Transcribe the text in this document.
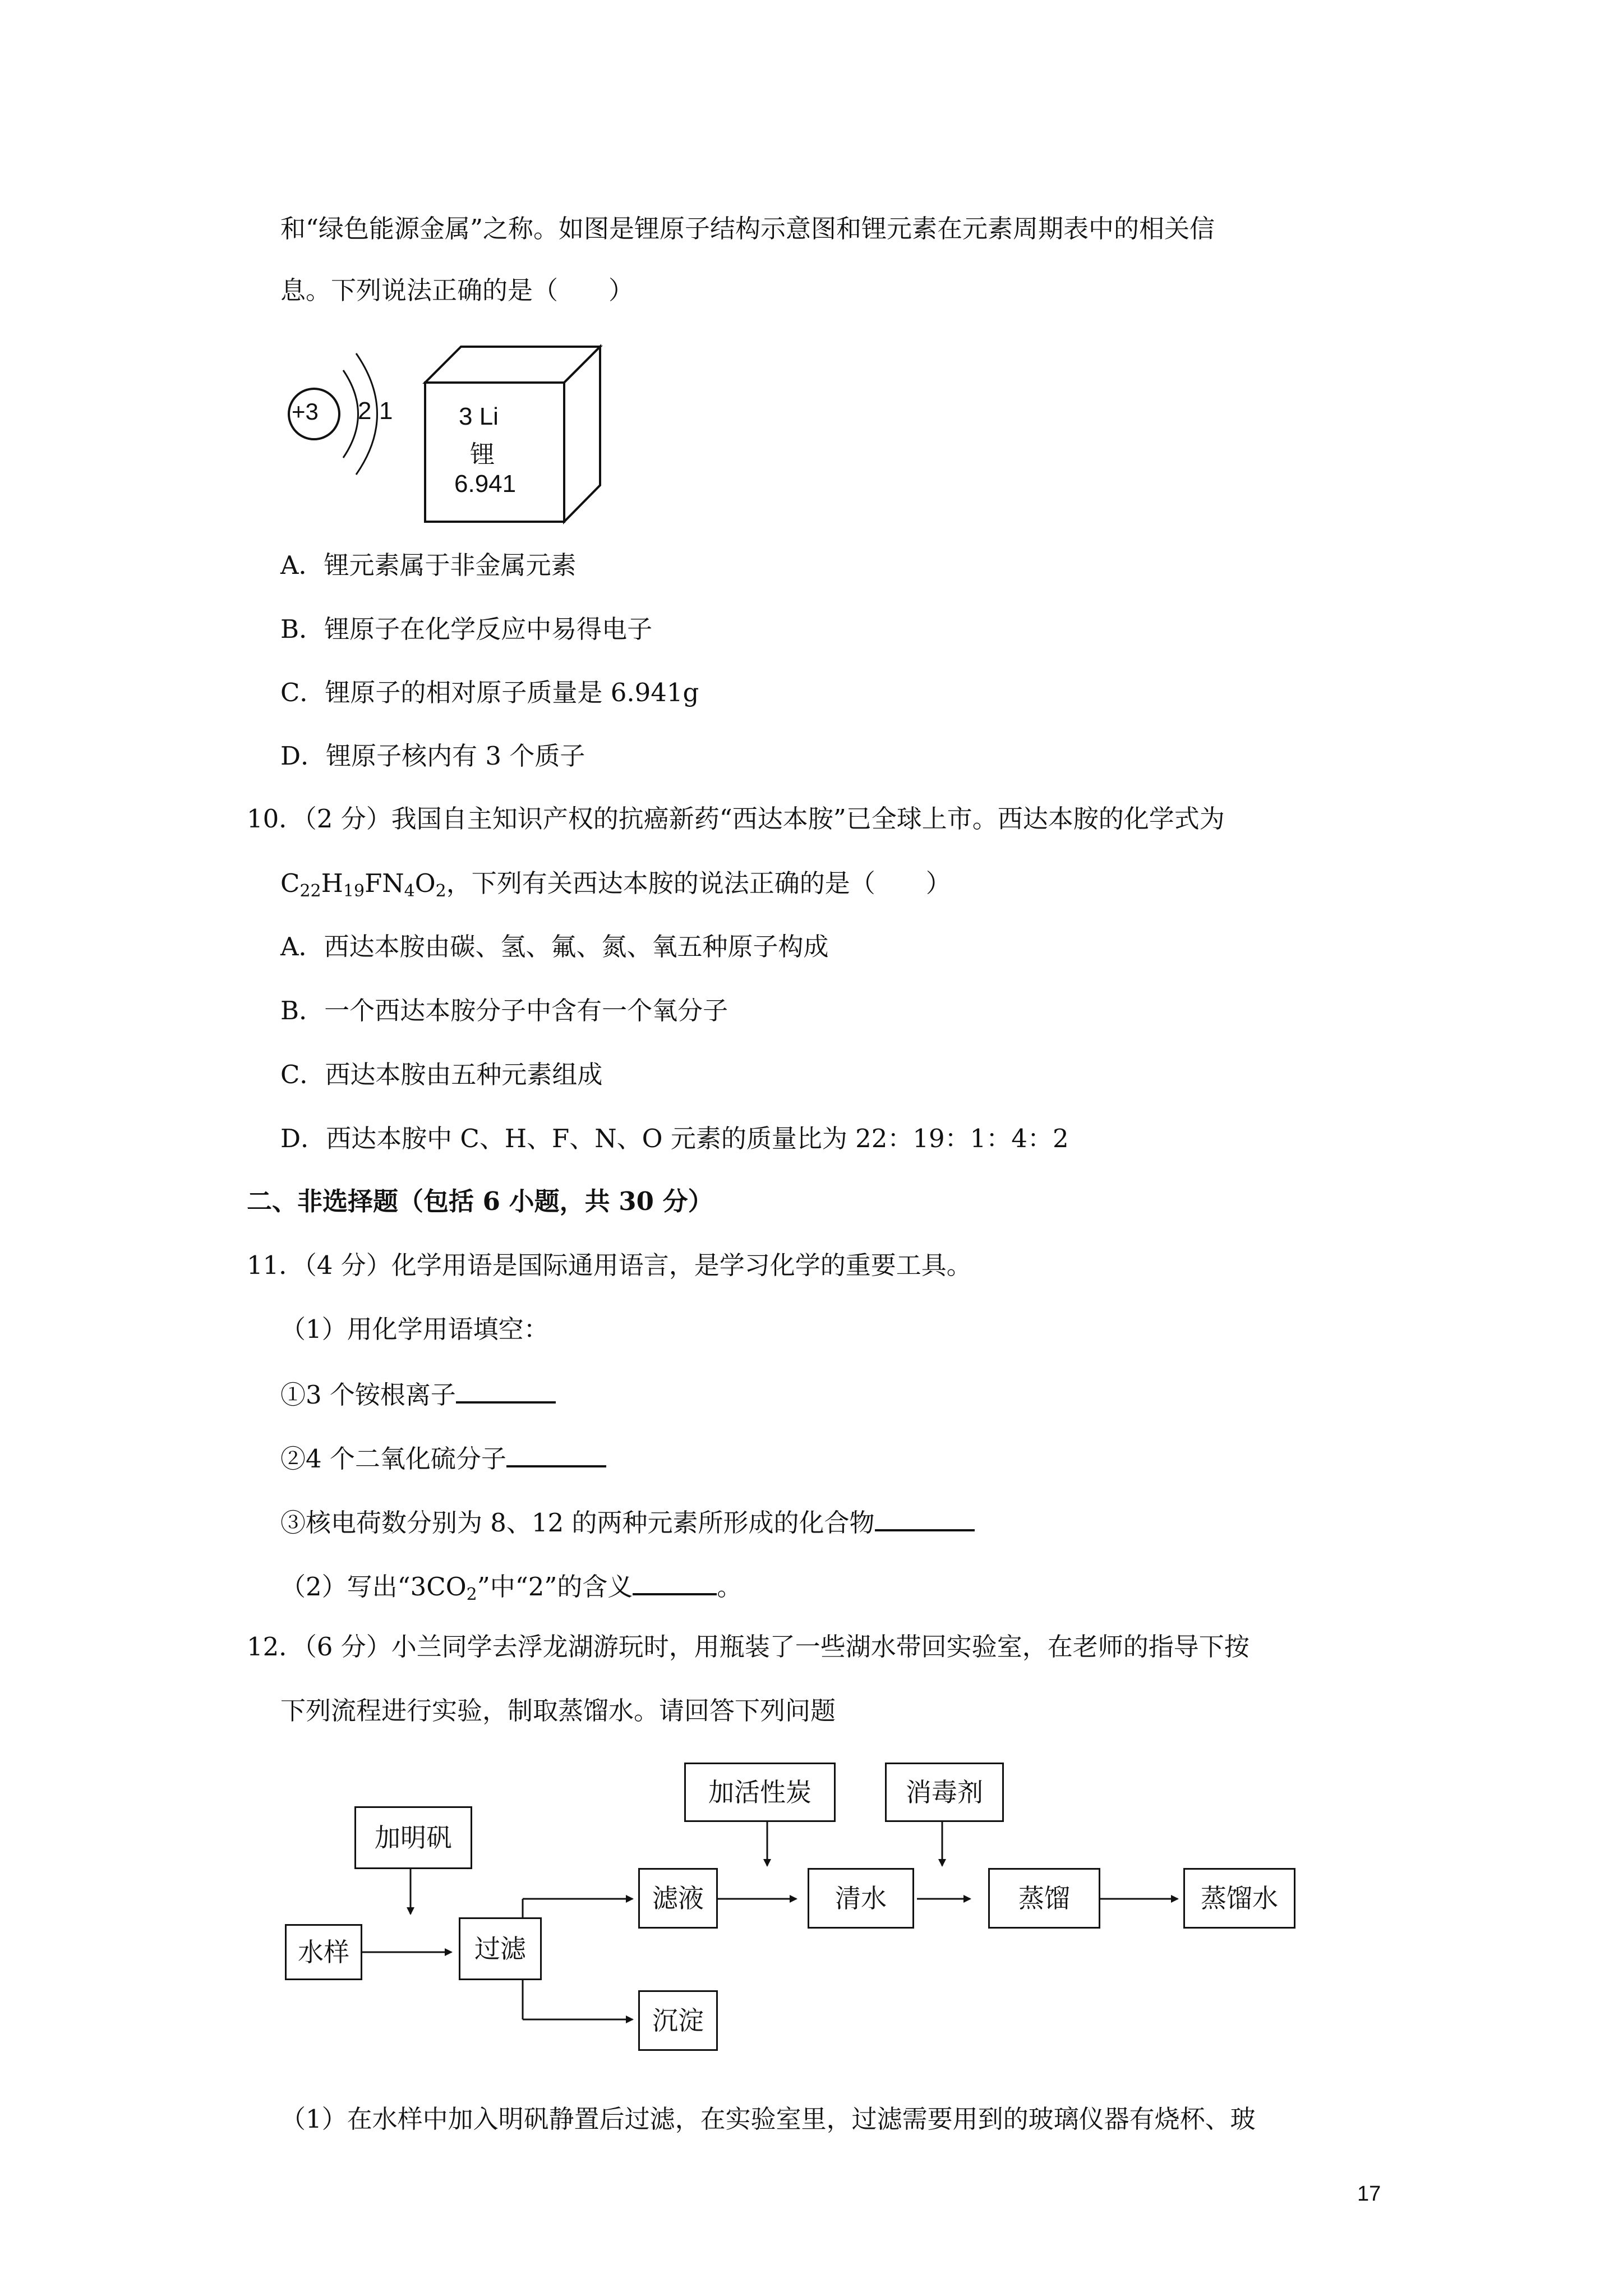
和“绿色能源金属”之称。如图是锂原子结构示意图和锂元素在元素周期表中的相关信
息。下列说法正确的是（　　）
+3 2 1	3 Li
锂
6.941
A．锂元素属于非金属元素
B．锂原子在化学反应中易得电子
C．锂原子的相对原子质量是 6.941g
D．锂原子核内有 3 个质子
10．（2 分）我国自主知识产权的抗癌新药“西达本胺”已全球上市。西达本胺的化学式为
$C_{22}H_{19}FN_4O_2$，下列有关西达本胺的说法正确的是（　　）
A．西达本胺由碳、氢、氟、氮、氧五种原子构成
B．一个西达本胺分子中含有一个氧分子
C．西达本胺由五种元素组成
D．西达本胺中 C、H、F、N、O 元素的质量比为 22：19：1：4：2
二、非选择题（包括 6 小题，共 30 分）
11．（4 分）化学用语是国际通用语言，是学习化学的重要工具。
（1）用化学用语填空：
①3 个铵根离子
②4 个二氧化硫分子
③核电荷数分别为 8、12 的两种元素所形成的化合物
（2）写出“$3CO_2$”中“2”的含义	。
12．（6 分）小兰同学去浮龙湖游玩时，用瓶装了一些湖水带回实验室，在老师的指导下按
下列流程进行实验，制取蒸馏水。请回答下列问题
加明矾
水样	过滤
滤液
沉淀
加活性炭
清水
消毒剂
蒸馏	蒸馏水
（1）在水样中加入明矾静置后过滤，在实验室里，过滤需要用到的玻璃仪器有烧杯、玻
17
